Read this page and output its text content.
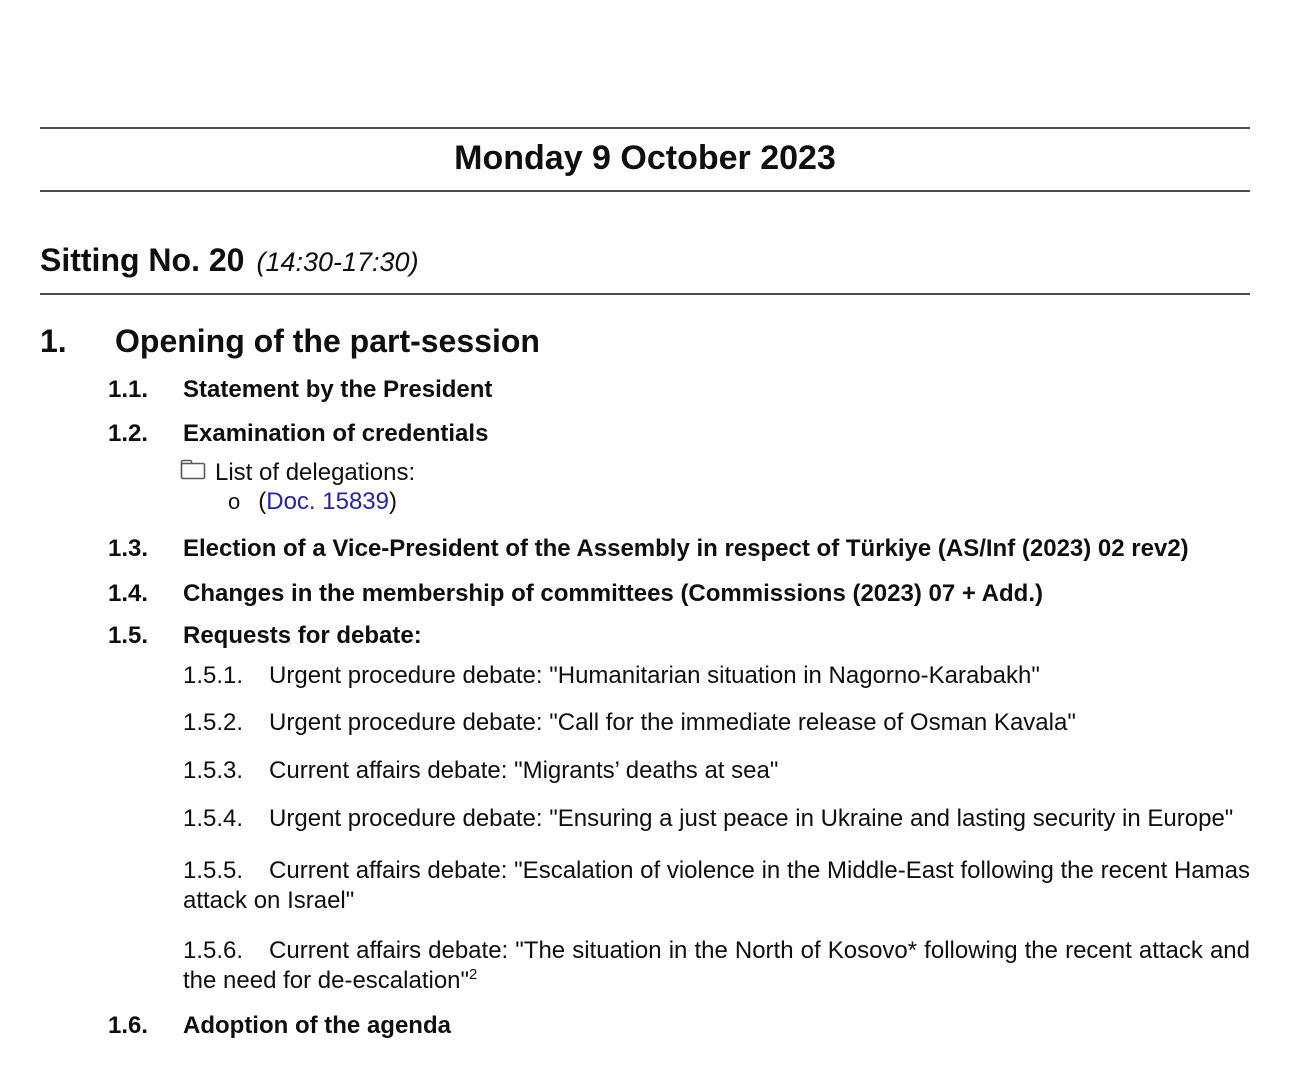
Monday 9 October 2023
Sitting No. 20 (14:30-17:30)
1.	Opening of the part-session
1.1.	Statement by the President
1.2.	Examination of credentials
List of delegations:
o (Doc. 15839)
1.3.	Election of a Vice-President of the Assembly in respect of Türkiye (AS/Inf (2023) 02 rev2)
1.4.	Changes in the membership of committees (Commissions (2023) 07 + Add.)
1.5.	Requests for debate:

1.5.1. Urgent procedure debate: "Humanitarian situation in Nagorno-Karabakh"

1.5.2. Urgent procedure debate: "Call for the immediate release of Osman Kavala"

1.5.3. Current affairs debate: "Migrants’ deaths at sea"

1.5.4. Urgent procedure debate: "Ensuring a just peace in Ukraine and lasting security in Europe"

1.5.5. Current affairs debate: "Escalation of violence in the Middle-East following the recent Hamas attack on Israel"

1.5.6. Current affairs debate: "The situation in the North of Kosovo* following the recent attack and the need for de-escalation"$^2$

1.6.	Adoption of the agenda
